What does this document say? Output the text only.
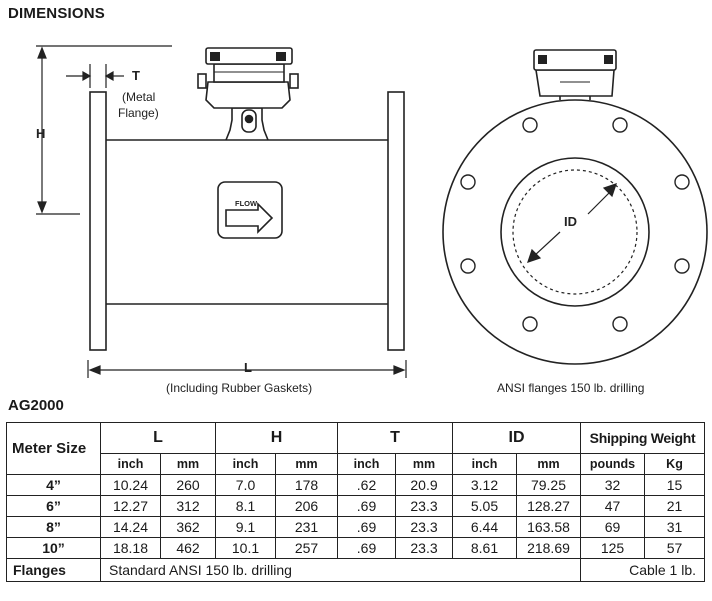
DIMENSIONS
FLOW
T
(Metal
Flange)
H
L
(Including Rubber Gaskets)
ID
ANSI flanges 150 lb. drilling
AG2000
Meter Size	L		H		T		ID		Shipping Weight	
	inch	mm	inch	mm	inch	mm	inch	mm	pounds	Kg
4”	10.24	260	7.0	178	.62	20.9	3.12	79.25	32	15
6”	12.27	312	8.1	206	.69	23.3	5.05	128.27	47	21
8”	14.24	362	9.1	231	.69	23.3	6.44	163.58	69	31
10”	18.18	462	10.1	257	.69	23.3	8.61	218.69	125	57
Flanges	Standard ANSI 150 lb. drilling								Cable 1 lb.	
